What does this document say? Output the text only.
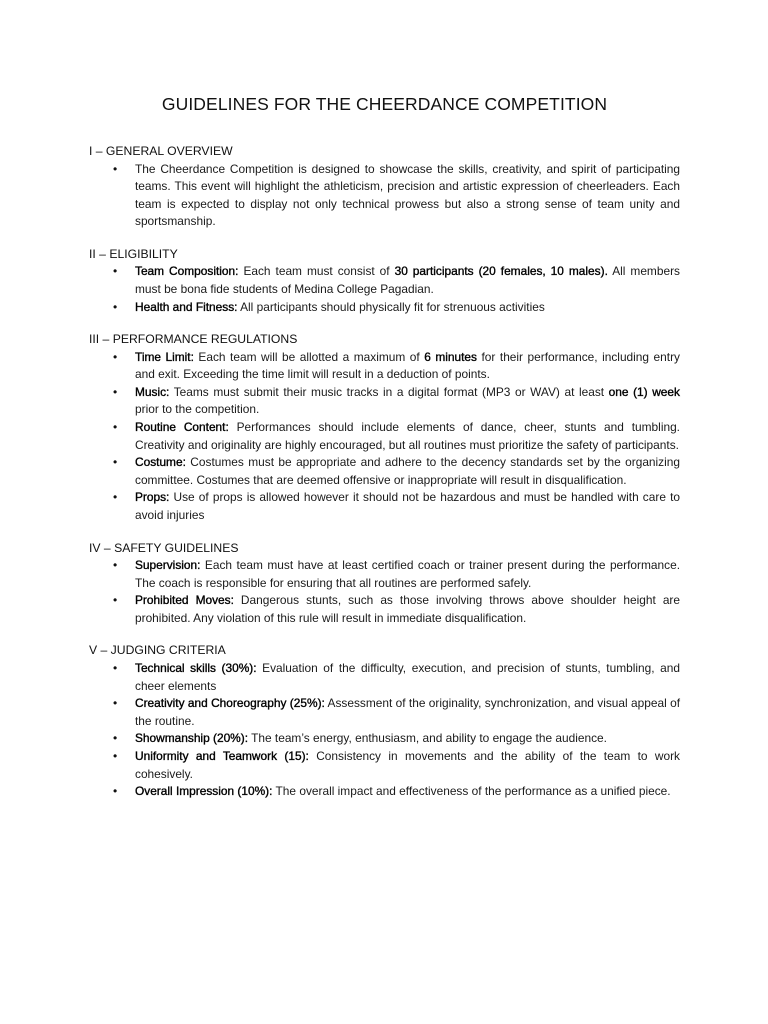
GUIDELINES FOR THE CHEERDANCE COMPETITION

I – GENERAL OVERVIEW

• The Cheerdance Competition is designed to showcase the skills, creativity, and spirit of participating teams. This event will highlight the athleticism, precision and artistic expression of cheerleaders. Each team is expected to display not only technical prowess but also a strong sense of team unity and sportsmanship.

II – ELIGIBILITY

• Team Composition: Each team must consist of 30 participants (20 females, 10 males). All members must be bona fide students of Medina College Pagadian.
• Health and Fitness: All participants should physically fit for strenuous activities

III – PERFORMANCE REGULATIONS

• Time Limit: Each team will be allotted a maximum of 6 minutes for their performance, including entry and exit. Exceeding the time limit will result in a deduction of points.
• Music: Teams must submit their music tracks in a digital format (MP3 or WAV) at least one (1) week prior to the competition.
• Routine Content: Performances should include elements of dance, cheer, stunts and tumbling. Creativity and originality are highly encouraged, but all routines must prioritize the safety of participants.
• Costume: Costumes must be appropriate and adhere to the decency standards set by the organizing committee. Costumes that are deemed offensive or inappropriate will result in disqualification.
• Props: Use of props is allowed however it should not be hazardous and must be handled with care to avoid injuries

IV – SAFETY GUIDELINES

• Supervision: Each team must have at least certified coach or trainer present during the performance. The coach is responsible for ensuring that all routines are performed safely.
• Prohibited Moves: Dangerous stunts, such as those involving throws above shoulder height are prohibited. Any violation of this rule will result in immediate disqualification.

V – JUDGING CRITERIA

• Technical skills (30%): Evaluation of the difficulty, execution, and precision of stunts, tumbling, and cheer elements
• Creativity and Choreography (25%): Assessment of the originality, synchronization, and visual appeal of the routine.
• Showmanship (20%): The team’s energy, enthusiasm, and ability to engage the audience.
• Uniformity and Teamwork (15): Consistency in movements and the ability of the team to work cohesively.
• Overall Impression (10%): The overall impact and effectiveness of the performance as a unified piece.
